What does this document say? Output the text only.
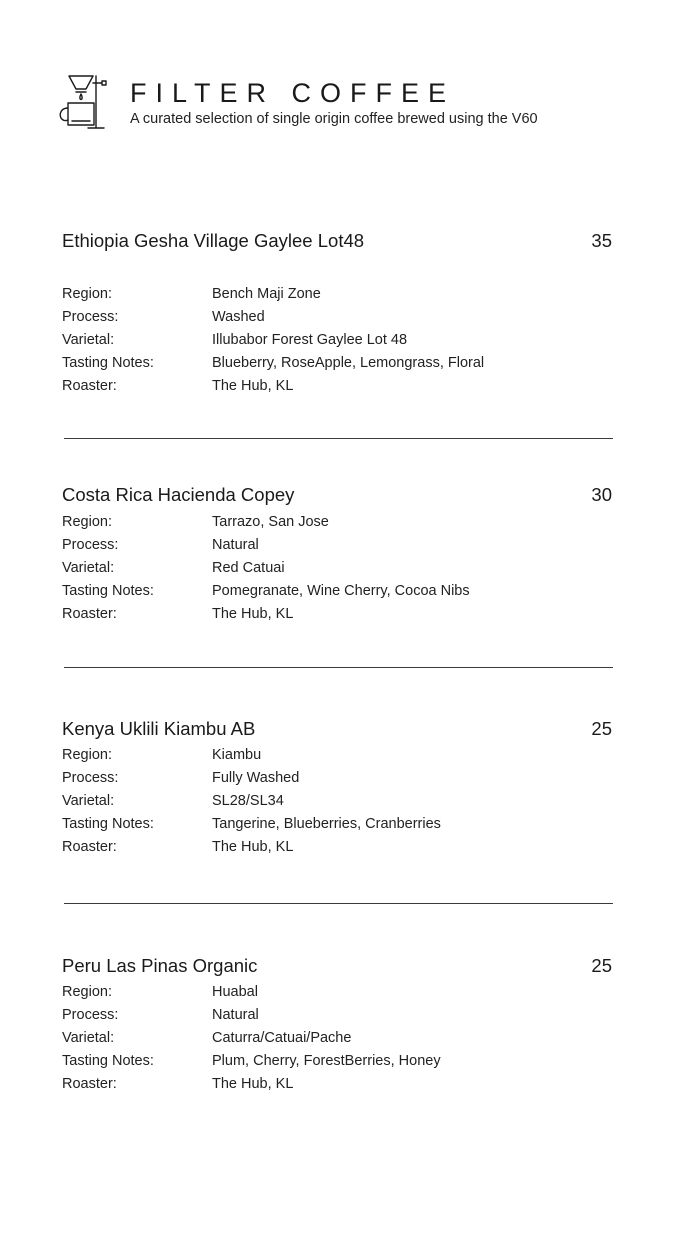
FILTER COFFEE
A curated selection of single origin coffee brewed using the V60
Ethiopia Gesha Village Gaylee Lot48	35
Region:	Bench Maji Zone
Process:	Washed
Varietal:	Illubabor Forest Gaylee Lot 48
Tasting Notes:	Blueberry, RoseApple, Lemongrass, Floral
Roaster:	The Hub, KL
Costa Rica Hacienda Copey	30
Region:	Tarrazo, San Jose
Process:	Natural
Varietal:	Red Catuai
Tasting Notes:	Pomegranate, Wine Cherry, Cocoa Nibs
Roaster:	The Hub, KL
Kenya Uklili Kiambu AB	25
Region:	Kiambu
Process:	Fully Washed
Varietal:	SL28/SL34
Tasting Notes:	Tangerine, Blueberries, Cranberries
Roaster:	The Hub, KL
Peru Las Pinas Organic	25
Region:	Huabal
Process:	Natural
Varietal:	Caturra/Catuai/Pache
Tasting Notes:	Plum, Cherry, ForestBerries, Honey
Roaster:	The Hub, KL
